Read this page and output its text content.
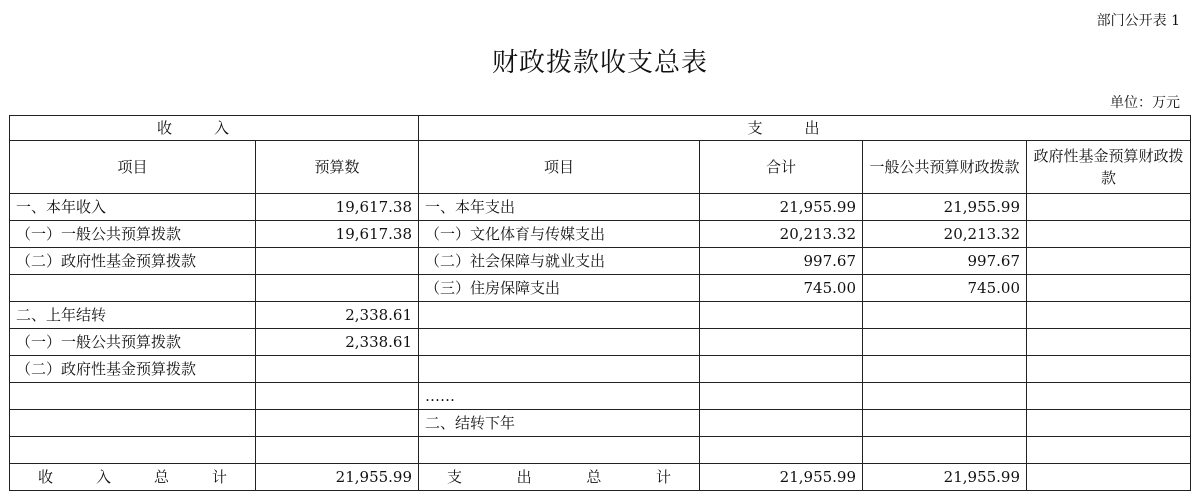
部门公开表 1
财政拨款收支总表
单位：万元
收入		支出			
项目	预算数	项目	合计	一般公共预算财政拨款	政府性基金预算财政拨款
一、本年收入	19,617.38	一、本年支出	21,955.99	21,955.99	
（一）一般公共预算拨款	19,617.38	（一）文化体育与传媒支出	20,213.32	20,213.32	
（二）政府性基金预算拨款		（二）社会保障与就业支出	997.67	997.67	
		（三）住房保障支出	745.00	745.00	
二、上年结转	2,338.61				
（一）一般公共预算拨款	2,338.61				
（二）政府性基金预算拨款					
		……			
		二、结转下年			

收 入 总 计	21,955.99	支 出 总 计	21,955.99	21,955.99	
